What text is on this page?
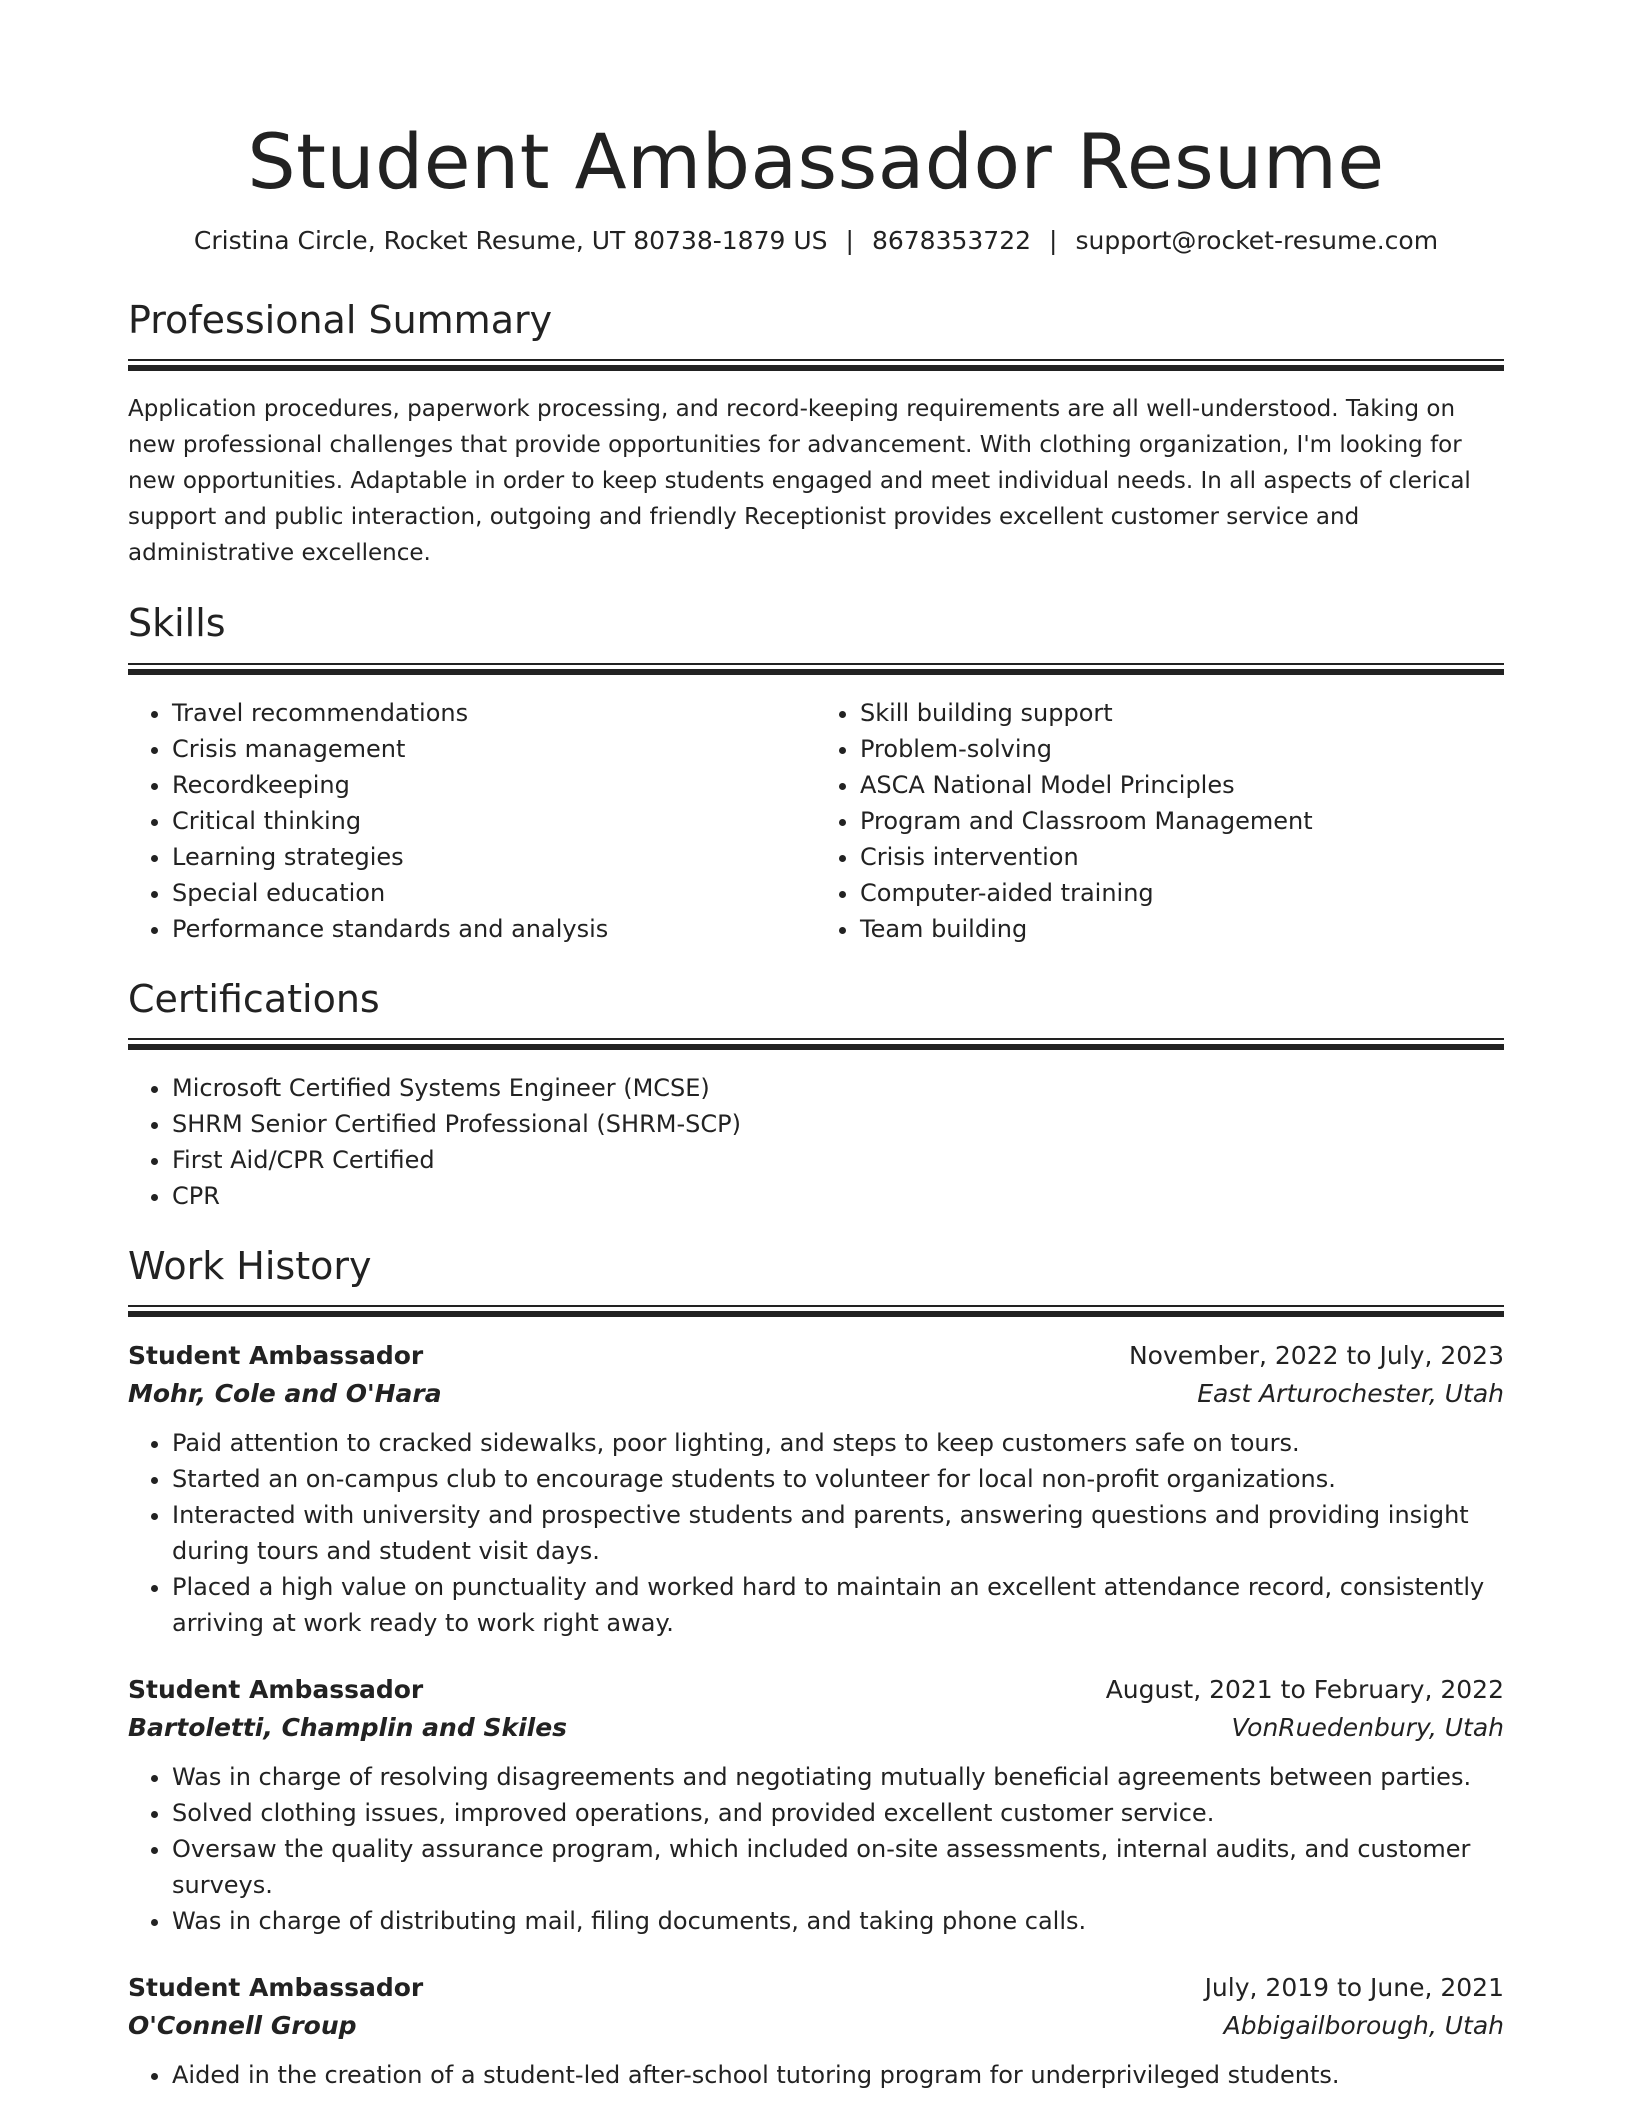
Student Ambassador Resume
Cristina Circle, Rocket Resume, UT 80738-1879 US | 8678353722 | support@rocket-resume.com
Professional Summary

Application procedures, paperwork processing, and record-keeping requirements are all well-understood. Taking on new professional challenges that provide opportunities for advancement. With clothing organization, I'm looking for new opportunities. Adaptable in order to keep students engaged and meet individual needs. In all aspects of clerical support and public interaction, outgoing and friendly Receptionist provides excellent customer service and administrative excellence.

Skills
• Travel recommendations
• Crisis management
• Recordkeeping
• Critical thinking
• Learning strategies
• Special education
• Performance standards and analysis
• Skill building support
• Problem-solving
• ASCA National Model Principles
• Program and Classroom Management
• Crisis intervention
• Computer-aided training
• Team building
Certifications
• Microsoft Certified Systems Engineer (MCSE)
• SHRM Senior Certified Professional (SHRM-SCP)
• First Aid/CPR Certified
• CPR
Work History
Student Ambassador	November, 2022 to July, 2023
Mohr, Cole and O'Hara	East Arturochester, Utah
• Paid attention to cracked sidewalks, poor lighting, and steps to keep customers safe on tours.
• Started an on-campus club to encourage students to volunteer for local non-profit organizations.
• Interacted with university and prospective students and parents, answering questions and providing insight during tours and student visit days.
• Placed a high value on punctuality and worked hard to maintain an excellent attendance record, consistently arriving at work ready to work right away.
Student Ambassador	August, 2021 to February, 2022
Bartoletti, Champlin and Skiles	VonRuedenbury, Utah
• Was in charge of resolving disagreements and negotiating mutually beneficial agreements between parties.
• Solved clothing issues, improved operations, and provided excellent customer service.
• Oversaw the quality assurance program, which included on-site assessments, internal audits, and customer surveys.
• Was in charge of distributing mail, filing documents, and taking phone calls.
Student Ambassador	July, 2019 to June, 2021
O'Connell Group	Abbigailborough, Utah
• Aided in the creation of a student-led after-school tutoring program for underprivileged students.
